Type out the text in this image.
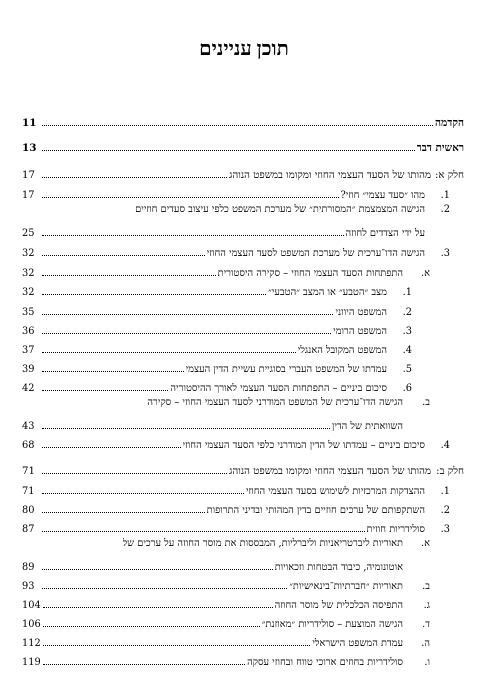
תוכן עניינים
הקדמה
11
ראשית דבר
13
חלק א:
מהותו של הסעד העצמי החוזי ומקומו במשפט הנוהג
17
1.
מהו ״סעד עצמי״ חוזי?
17
2.
הגישה המצמצמת ״המסורתית״ של מערכת המשפט כלפי עיצוב סעדים חוזיים
על ידי הצדדים לחוזה
25
3.
הגישה הדו־ערכית של מערכת המשפט לסעד העצמי החוזי
32
א.
התפתחות הסעד העצמי החוזי – סקירה היסטורית
32
1.
מצב ״הטבע״ או המצב ״הטבעי״
32
2.
המשפט היווני
35
3.
המשפט הרומי
36
4.
המשפט המקובל האנגלי
37
5.
עמדתו של המשפט העברי בסוגיית עשיית הדין העצמי
39
6.
סיכום ביניים – התפתחות הסעד העצמי לאורך ההיסטוריה
42
ב.
הגישה הדו־ערכית של המשפט המודרני לסעד העצמי החוזי – סקירה
השוואתית של הדין
43
4.
סיכום ביניים – עמדתו של הדין המודרני כלפי הסעד העצמי החוזי
68
חלק ב:
מהותו של הסעד העצמי החוזי ומקומו במשפט הנוהג
71
1.
ההצדקות המרכזיות לשימוש בסעד העצמי החוזי
71
2.
השתקפותם של ערכים חוזיים בדין המהותי ובדיני התרופות
80
3.
סולידריות חוזית
87
א.
תאוריות ליברטריאניות וליברליות, המבססות את מוסר החוזה על ערכים של
אוטונומיה, כיבוד הבטחות וזכאויות
89
ב.
תאוריות ״חברתיות־בינאישיות״
93
ג.
התפיסה הכלכלית של מוסר החוזה
104
ד.
הגישה המוצעת – סולידריות ״מאוזנת״
106
ה.
עמדת המשפט הישראלי
112
ו.
סולידריות בחוזים ארוכי טווח ובחוזי עסקה
119
